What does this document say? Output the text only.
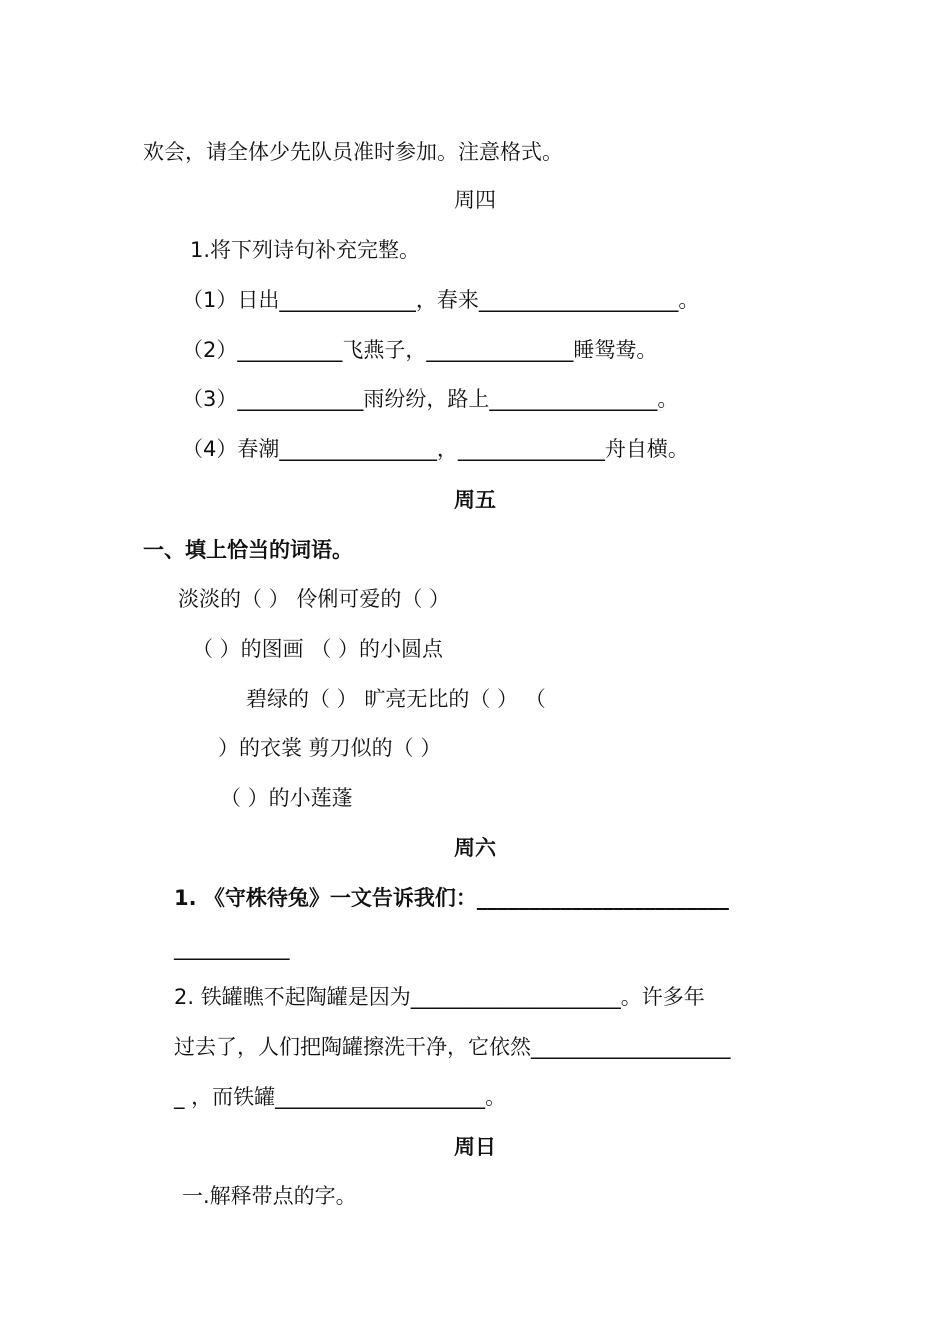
欢会，请全体少先队员准时参加。注意格式。

周四

1.将下列诗句补充完整。

（1）日出_____________，春来___________________。

（2）__________飞燕子，______________睡鸳鸯。

（3）____________雨纷纷，路上________________。

（4）春潮_______________，______________舟自横。

周五

一、填上恰当的词语。

淡淡的（ ） 伶俐可爱的（ ）

（ ）的图画 （ ）的小圆点

碧绿的（ ） 旷亮无比的（ ） （

）的衣裳 剪刀似的（ ）

（ ）的小莲蓬

周六

1. 《守株待兔》一文告诉我们：________________________

___________

2. 铁罐瞧不起陶罐是因为____________________。许多年

过去了，人们把陶罐擦洗干净，它依然___________________

_ ，而铁罐____________________。

周日

一.解释带点的字。
